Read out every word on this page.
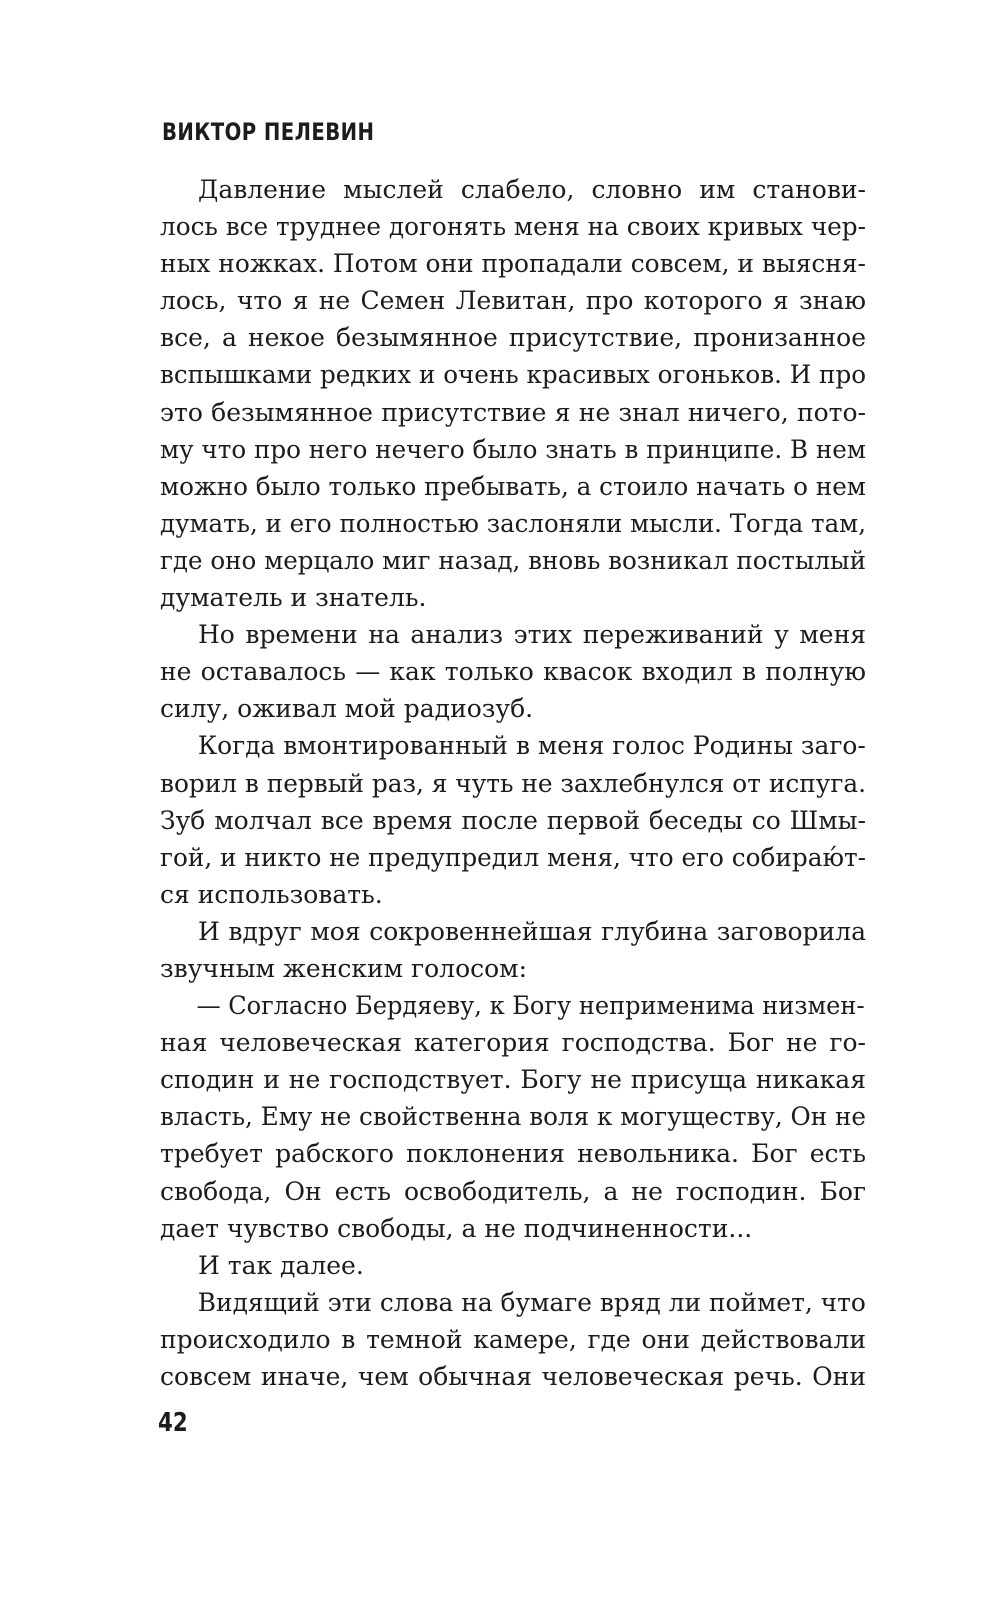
ВИКТОР ПЕЛЕВИН
Давление мыслей слабело, словно им станови-
лось все труднее догонять меня на своих кривых чер-
ных ножках. Потом они пропадали совсем, и выясня-
лось, что я не Семен Левитан, про которого я знаю
все, а некое безымянное присутствие, пронизанное
вспышками редких и очень красивых огоньков. И про
это безымянное присутствие я не знал ничего, пото-
му что про него нечего было знать в принципе. В нем
можно было только пребывать, а стоило начать о нем
думать, и его полностью заслоняли мысли. Тогда там,
где оно мерцало миг назад, вновь возникал постылый
думатель и знатель.
Но времени на анализ этих переживаний у меня
не оставалось — как только квасок входил в полную
силу, оживал мой радиозуб.
Когда вмонтированный в меня голос Родины заго-
ворил в первый раз, я чуть не захлебнулся от испуга.
Зуб молчал все время после первой беседы со Шмы-
гой, и никто не предупредил меня, что его собираю́т-
ся использовать.
И вдруг моя сокровеннейшая глубина заговорила
звучным женским голосом:
— Согласно Бердяеву, к Богу неприменима низмен-
ная человеческая категория господства. Бог не го-
сподин и не господствует. Богу не присуща никакая
власть, Ему не свойственна воля к могуществу, Он не
требует рабского поклонения невольника. Бог есть
свобода, Он есть освободитель, а не господин. Бог
дает чувство свободы, а не подчиненности...
И так далее.
Видящий эти слова на бумаге вряд ли поймет, что
происходило в темной камере, где они действовали
совсем иначе, чем обычная человеческая речь. Они
42
